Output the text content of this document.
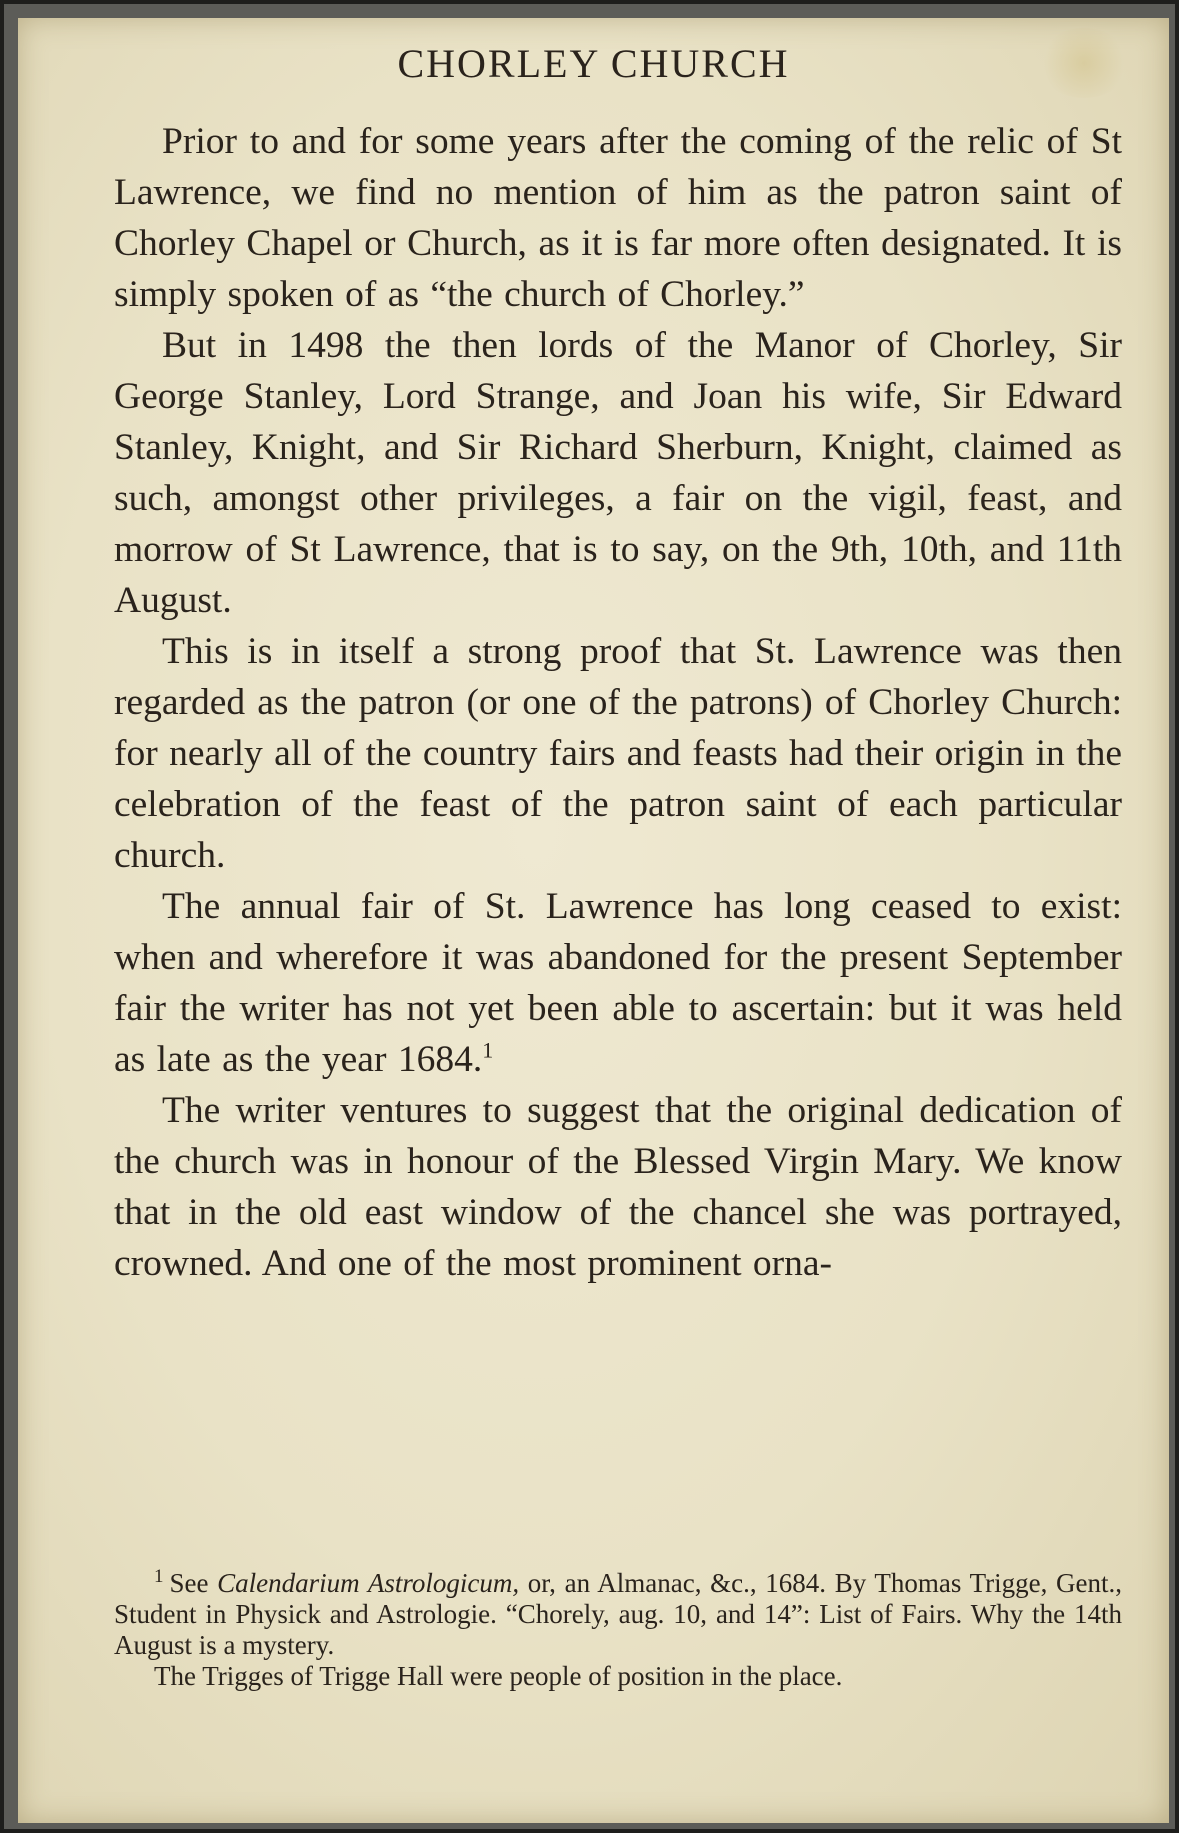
CHORLEY CHURCH

Prior to and for some years after the coming of the relic of St Lawrence, we find no mention of him as the patron saint of Chorley Chapel or Church, as it is far more often designated. It is simply spoken of as “the church of Chorley.”

But in 1498 the then lords of the Manor of Chorley, Sir George Stanley, Lord Strange, and Joan his wife, Sir Edward Stanley, Knight, and Sir Richard Sherburn, Knight, claimed as such, amongst other privileges, a fair on the vigil, feast, and morrow of St Lawrence, that is to say, on the 9th, 10th, and 11th August.

This is in itself a strong proof that St. Lawrence was then regarded as the patron (or one of the patrons) of Chorley Church: for nearly all of the country fairs and feasts had their origin in the celebration of the feast of the patron saint of each particular church.

The annual fair of St. Lawrence has long ceased to exist: when and wherefore it was abandoned for the present September fair the writer has not yet been able to ascertain: but it was held as late as the year 1684.$^1$

The writer ventures to suggest that the original dedication of the church was in honour of the Blessed Virgin Mary. We know that in the old east window of the chancel she was portrayed, crowned. And one of the most prominent orna-

$^1$ See Calendarium Astrologicum, or, an Almanac, &c., 1684. By Thomas Trigge, Gent., Student in Physick and Astrologie. “Chorely, aug. 10, and 14”: List of Fairs. Why the 14th August is a mystery.

The Trigges of Trigge Hall were people of position in the place.
